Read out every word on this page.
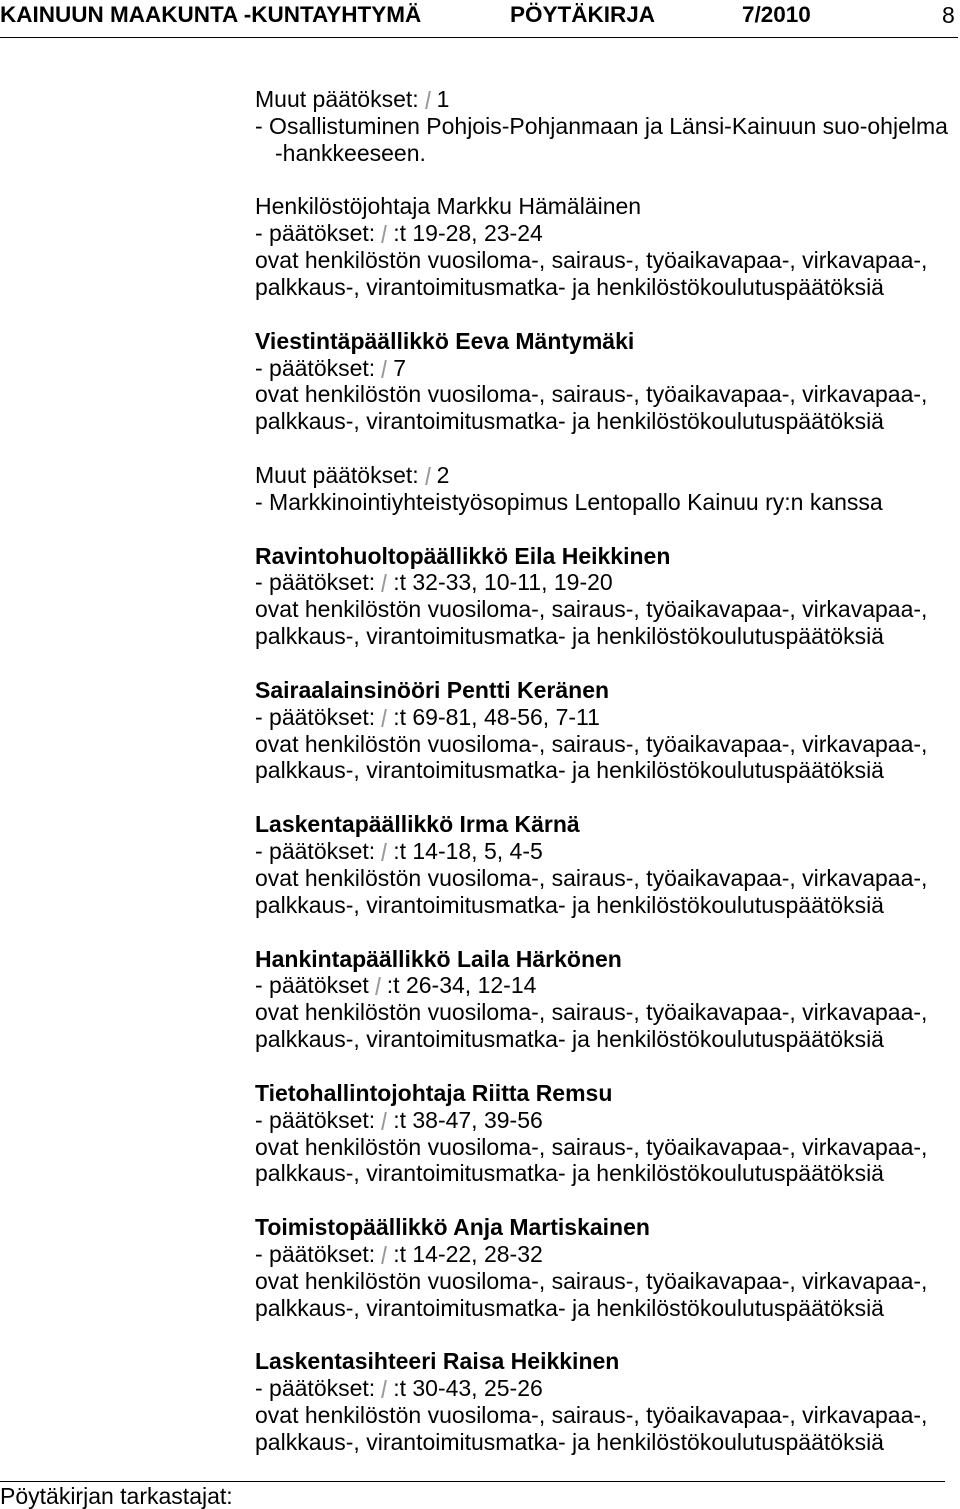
KAINUUN MAAKUNTA -KUNTAYHTYMÄ	PÖYTÄKIRJA	7/2010	8
Muut päätökset: 1
- Osallistuminen Pohjois-Pohjanmaan ja Länsi-Kainuun suo-ohjelma
-hankkeeseen.
Henkilöstöjohtaja Markku Hämäläinen
- päätökset: :t 19-28, 23-24
ovat henkilöstön vuosiloma-, sairaus-, työaikavapaa-, virkavapaa-,
palkkaus-, virantoimitusmatka- ja henkilöstökoulutuspäätöksiä
Viestintäpäällikkö Eeva Mäntymäki
- päätökset: 7
ovat henkilöstön vuosiloma-, sairaus-, työaikavapaa-, virkavapaa-,
palkkaus-, virantoimitusmatka- ja henkilöstökoulutuspäätöksiä
Muut päätökset: 2
- Markkinointiyhteistyösopimus Lentopallo Kainuu ry:n kanssa
Ravintohuoltopäällikkö Eila Heikkinen
- päätökset: :t 32-33, 10-11, 19-20
ovat henkilöstön vuosiloma-, sairaus-, työaikavapaa-, virkavapaa-,
palkkaus-, virantoimitusmatka- ja henkilöstökoulutuspäätöksiä
Sairaalainsinööri Pentti Keränen
- päätökset: :t 69-81, 48-56, 7-11
ovat henkilöstön vuosiloma-, sairaus-, työaikavapaa-, virkavapaa-,
palkkaus-, virantoimitusmatka- ja henkilöstökoulutuspäätöksiä
Laskentapäällikkö Irma Kärnä
- päätökset: :t 14-18, 5, 4-5
ovat henkilöstön vuosiloma-, sairaus-, työaikavapaa-, virkavapaa-,
palkkaus-, virantoimitusmatka- ja henkilöstökoulutuspäätöksiä
Hankintapäällikkö Laila Härkönen
- päätökset :t 26-34, 12-14
ovat henkilöstön vuosiloma-, sairaus-, työaikavapaa-, virkavapaa-,
palkkaus-, virantoimitusmatka- ja henkilöstökoulutuspäätöksiä
Tietohallintojohtaja Riitta Remsu
- päätökset: :t 38-47, 39-56
ovat henkilöstön vuosiloma-, sairaus-, työaikavapaa-, virkavapaa-,
palkkaus-, virantoimitusmatka- ja henkilöstökoulutuspäätöksiä
Toimistopäällikkö Anja Martiskainen
- päätökset: :t 14-22, 28-32
ovat henkilöstön vuosiloma-, sairaus-, työaikavapaa-, virkavapaa-,
palkkaus-, virantoimitusmatka- ja henkilöstökoulutuspäätöksiä
Laskentasihteeri Raisa Heikkinen
- päätökset: :t 30-43, 25-26
ovat henkilöstön vuosiloma-, sairaus-, työaikavapaa-, virkavapaa-,
palkkaus-, virantoimitusmatka- ja henkilöstökoulutuspäätöksiä
Pöytäkirjan tarkastajat:
